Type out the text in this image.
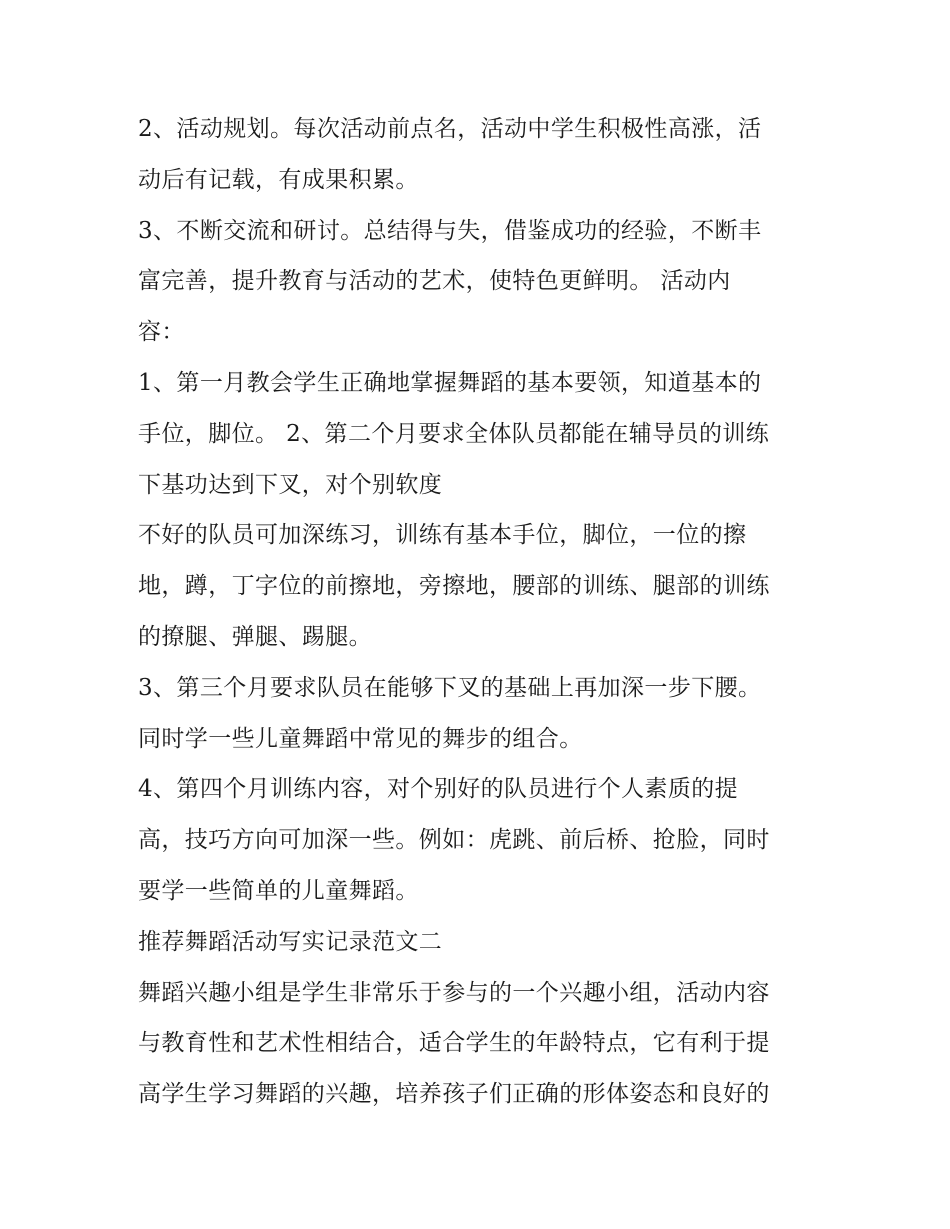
2、活动规划。每次活动前点名，活动中学生积极性高涨，活
动后有记载，有成果积累。
3、不断交流和研讨。总结得与失，借鉴成功的经验，不断丰
富完善，提升教育与活动的艺术，使特色更鲜明。 活动内
容：
1、第一月教会学生正确地掌握舞蹈的基本要领，知道基本的
手位，脚位。 2、第二个月要求全体队员都能在辅导员的训练
下基功达到下叉，对个别软度
不好的队员可加深练习，训练有基本手位，脚位，一位的擦
地，蹲，丁字位的前擦地，旁擦地，腰部的训练、腿部的训练
的撩腿、弹腿、踢腿。
3、第三个月要求队员在能够下叉的基础上再加深一步下腰。
同时学一些儿童舞蹈中常见的舞步的组合。
4、第四个月训练内容，对个别好的队员进行个人素质的提
高，技巧方向可加深一些。例如：虎跳、前后桥、抢脸，同时
要学一些简单的儿童舞蹈。
推荐舞蹈活动写实记录范文二
舞蹈兴趣小组是学生非常乐于参与的一个兴趣小组，活动内容
与教育性和艺术性相结合，适合学生的年龄特点，它有利于提
高学生学习舞蹈的兴趣，培养孩子们正确的形体姿态和良好的
